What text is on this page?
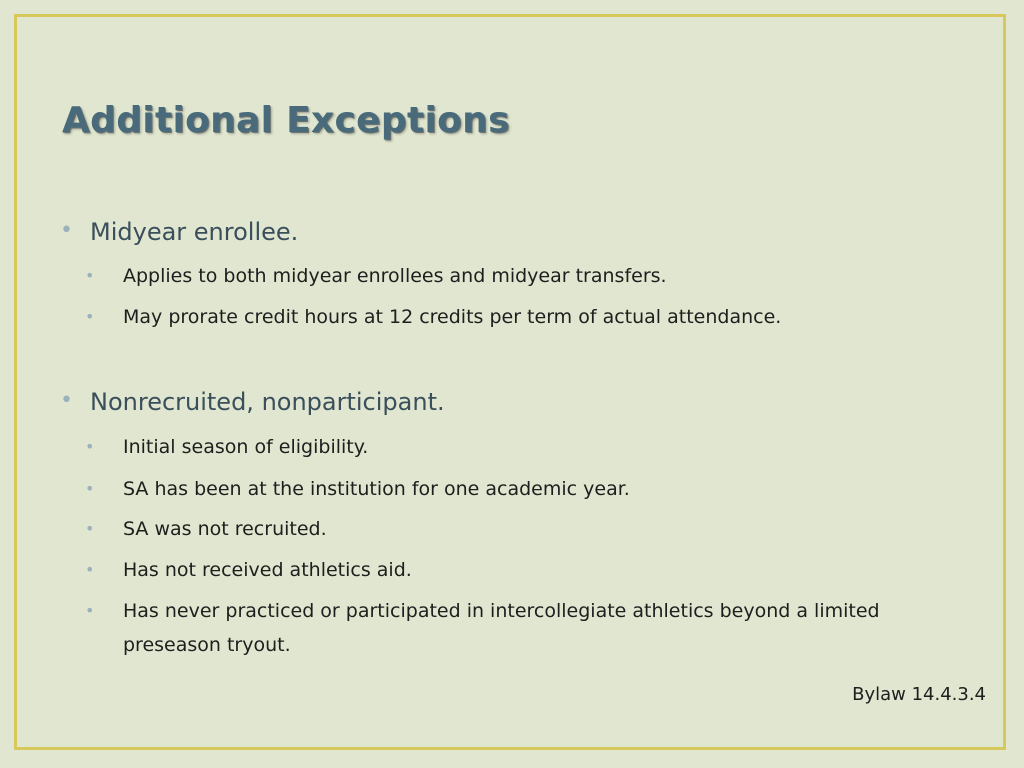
Additional Exceptions
• Midyear enrollee.
• Applies to both midyear enrollees and midyear transfers.
• May prorate credit hours at 12 credits per term of actual attendance.
• Nonrecruited, nonparticipant.
• Initial season of eligibility.
• SA has been at the institution for one academic year.
• SA was not recruited.
• Has not received athletics aid.
• Has never practiced or participated in intercollegiate athletics beyond a limited preseason tryout.
Bylaw 14.4.3.4
